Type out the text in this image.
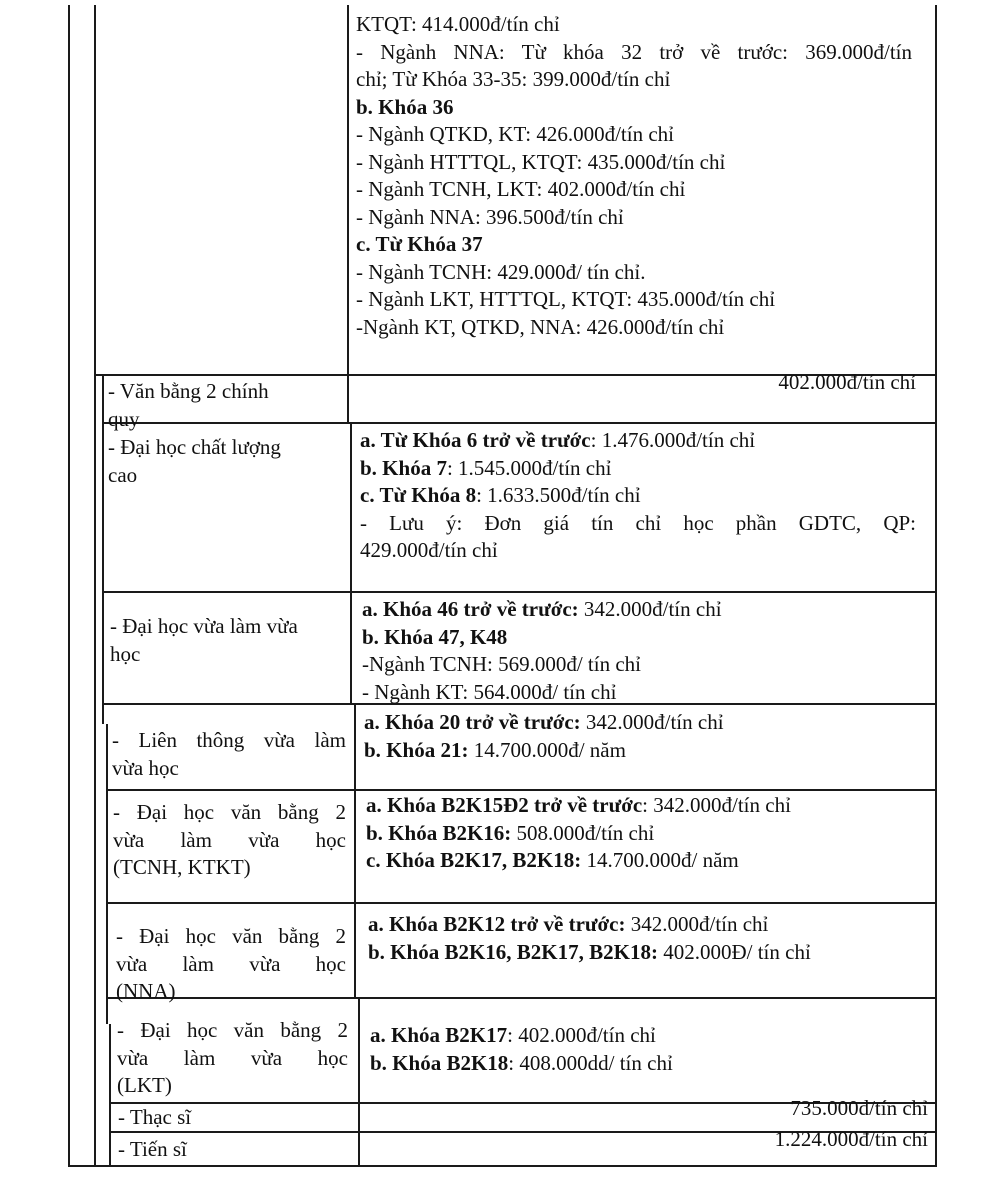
KTQT: 414.000đ/tín chỉ
- Ngành NNA: Từ khóa 32 trở về trước: 369.000đ/tín
chỉ; Từ Khóa 33-35: 399.000đ/tín chỉ
b. Khóa 36
- Ngành QTKD, KT: 426.000đ/tín chỉ
- Ngành HTTTQL, KTQT: 435.000đ/tín chỉ
- Ngành TCNH, LKT: 402.000đ/tín chỉ
- Ngành NNA: 396.500đ/tín chỉ
c. Từ Khóa 37
- Ngành TCNH: 429.000đ/ tín chỉ.
- Ngành LKT, HTTTQL, KTQT: 435.000đ/tín chỉ
-Ngành KT, QTKD, NNA: 426.000đ/tín chỉ
- Văn bằng 2 chính
quy
402.000đ/tín chỉ
- Đại học chất lượng
cao
a. Từ Khóa 6 trở về trước: 1.476.000đ/tín chỉ
b. Khóa 7: 1.545.000đ/tín chỉ
c. Từ Khóa 8: 1.633.500đ/tín chỉ
- Lưu ý: Đơn giá tín chỉ học phần GDTC, QP:
429.000đ/tín chỉ
- Đại học vừa làm vừa
học
a. Khóa 46 trở về trước: 342.000đ/tín chỉ
b. Khóa 47, K48
-Ngành TCNH: 569.000đ/ tín chỉ
- Ngành KT: 564.000đ/ tín chỉ
- Liên thông vừa làm
vừa học
a. Khóa 20 trở về trước: 342.000đ/tín chỉ
b. Khóa 21: 14.700.000đ/ năm
- Đại học văn bằng 2
vừa làm vừa học
(TCNH, KTKT)
a. Khóa B2K15Đ2 trở về trước: 342.000đ/tín chỉ
b. Khóa B2K16: 508.000đ/tín chỉ
c. Khóa B2K17, B2K18: 14.700.000đ/ năm
- Đại học văn bằng 2
vừa làm vừa học
(NNA)
a. Khóa B2K12 trở về trước: 342.000đ/tín chỉ
b. Khóa B2K16, B2K17, B2K18: 402.000Đ/ tín chỉ
- Đại học văn bằng 2
vừa làm vừa học
(LKT)
a. Khóa B2K17: 402.000đ/tín chỉ
b. Khóa B2K18: 408.000dd/ tín chỉ
- Thạc sĩ	735.000đ/tín chỉ
- Tiến sĩ	1.224.000đ/tín chỉ
